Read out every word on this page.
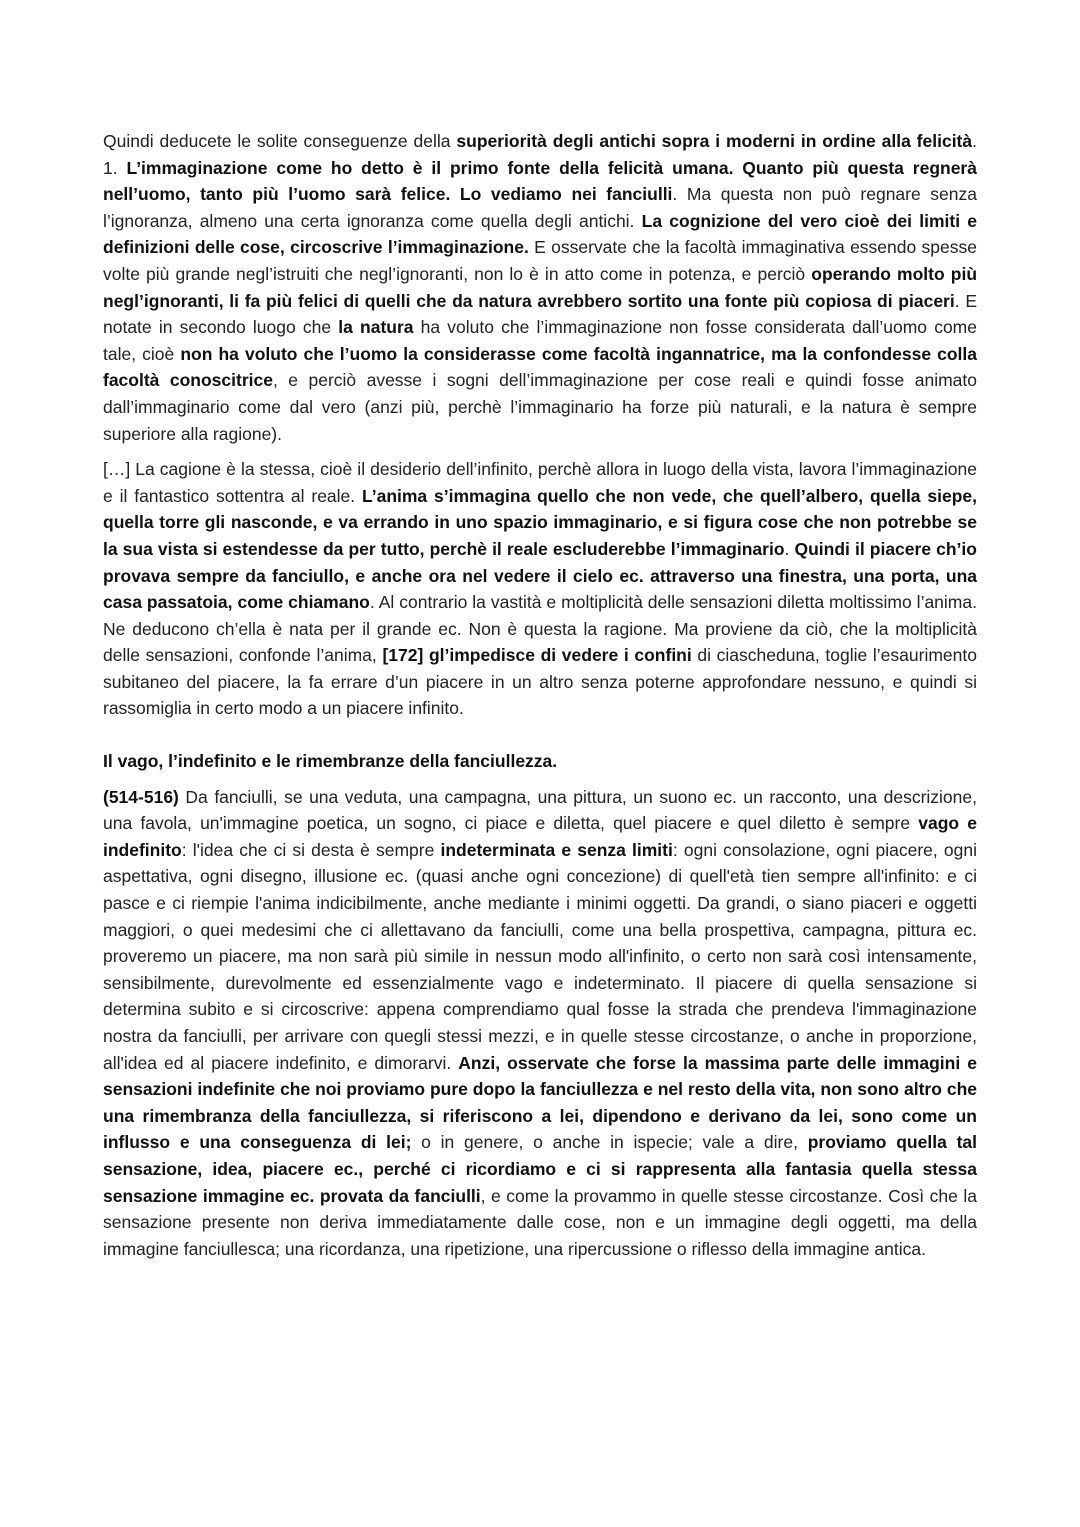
Quindi deducete le solite conseguenze della superiorità degli antichi sopra i moderni in ordine alla felicità. 1. L’immaginazione come ho detto è il primo fonte della felicità umana. Quanto più questa regnerà nell’uomo, tanto più l’uomo sarà felice. Lo vediamo nei fanciulli. Ma questa non può regnare senza l’ignoranza, almeno una certa ignoranza come quella degli antichi. La cognizione del vero cioè dei limiti e definizioni delle cose, circoscrive l’immaginazione. E osservate che la facoltà immaginativa essendo spesse volte più grande negl’istruiti che negl’ignoranti, non lo è in atto come in potenza, e perciò operando molto più negl’ignoranti, li fa più felici di quelli che da natura avrebbero sortito una fonte più copiosa di piaceri. E notate in secondo luogo che la natura ha voluto che l’immaginazione non fosse considerata dall’uomo come tale, cioè non ha voluto che l’uomo la considerasse come facoltà ingannatrice, ma la confondesse colla facoltà conoscitrice, e perciò avesse i sogni dell’immaginazione per cose reali e quindi fosse animato dall’immaginario come dal vero (anzi più, perchè l’immaginario ha forze più naturali, e la natura è sempre superiore alla ragione).

[…] La cagione è la stessa, cioè il desiderio dell’infinito, perchè allora in luogo della vista, lavora l’immaginazione e il fantastico sottentra al reale. L’anima s’immagina quello che non vede, che quell’albero, quella siepe, quella torre gli nasconde, e va errando in uno spazio immaginario, e si figura cose che non potrebbe se la sua vista si estendesse da per tutto, perchè il reale escluderebbe l’immaginario. Quindi il piacere ch’io provava sempre da fanciullo, e anche ora nel vedere il cielo ec. attraverso una finestra, una porta, una casa passatoia, come chiamano. Al contrario la vastità e moltiplicità delle sensazioni diletta moltissimo l’anima. Ne deducono ch’ella è nata per il grande ec. Non è questa la ragione. Ma proviene da ciò, che la moltiplicità delle sensazioni, confonde l’anima, [172] gl’impedisce di vedere i confini di ciascheduna, toglie l’esaurimento subitaneo del piacere, la fa errare d’un piacere in un altro senza poterne approfondare nessuno, e quindi si rassomiglia in certo modo a un piacere infinito.

Il vago, l’indefinito e le rimembranze della fanciullezza.

(514-516) Da fanciulli, se una veduta, una campagna, una pittura, un suono ec. un racconto, una descrizione, una favola, un'immagine poetica, un sogno, ci piace e diletta, quel piacere e quel diletto è sempre vago e indefinito: l'idea che ci si desta è sempre indeterminata e senza limiti: ogni consolazione, ogni piacere, ogni aspettativa, ogni disegno, illusione ec. (quasi anche ogni concezione) di quell'età tien sempre all'infinito: e ci pasce e ci riempie l'anima indicibilmente, anche mediante i minimi oggetti. Da grandi, o siano piaceri e oggetti maggiori, o quei medesimi che ci allettavano da fanciulli, come una bella prospettiva, campagna, pittura ec. proveremo un piacere, ma non sarà più simile in nessun modo all'infinito, o certo non sarà così intensamente, sensibilmente, durevolmente ed essenzialmente vago e indeterminato. Il piacere di quella sensazione si determina subito e si circoscrive: appena comprendiamo qual fosse la strada che prendeva l'immaginazione nostra da fanciulli, per arrivare con quegli stessi mezzi, e in quelle stesse circostanze, o anche in proporzione, all'idea ed al piacere indefinito, e dimorarvi. Anzi, osservate che forse la massima parte delle immagini e sensazioni indefinite che noi proviamo pure dopo la fanciullezza e nel resto della vita, non sono altro che una rimembranza della fanciullezza, si riferiscono a lei, dipendono e derivano da lei, sono come un influsso e una conseguenza di lei; o in genere, o anche in ispecie; vale a dire, proviamo quella tal sensazione, idea, piacere ec., perché ci ricordiamo e ci si rappresenta alla fantasia quella stessa sensazione immagine ec. provata da fanciulli, e come la provammo in quelle stesse circostanze. Così che la sensazione presente non deriva immediatamente dalle cose, non e un immagine degli oggetti, ma della immagine fanciullesca; una ricordanza, una ripetizione, una ripercussione o riflesso della immagine antica.
